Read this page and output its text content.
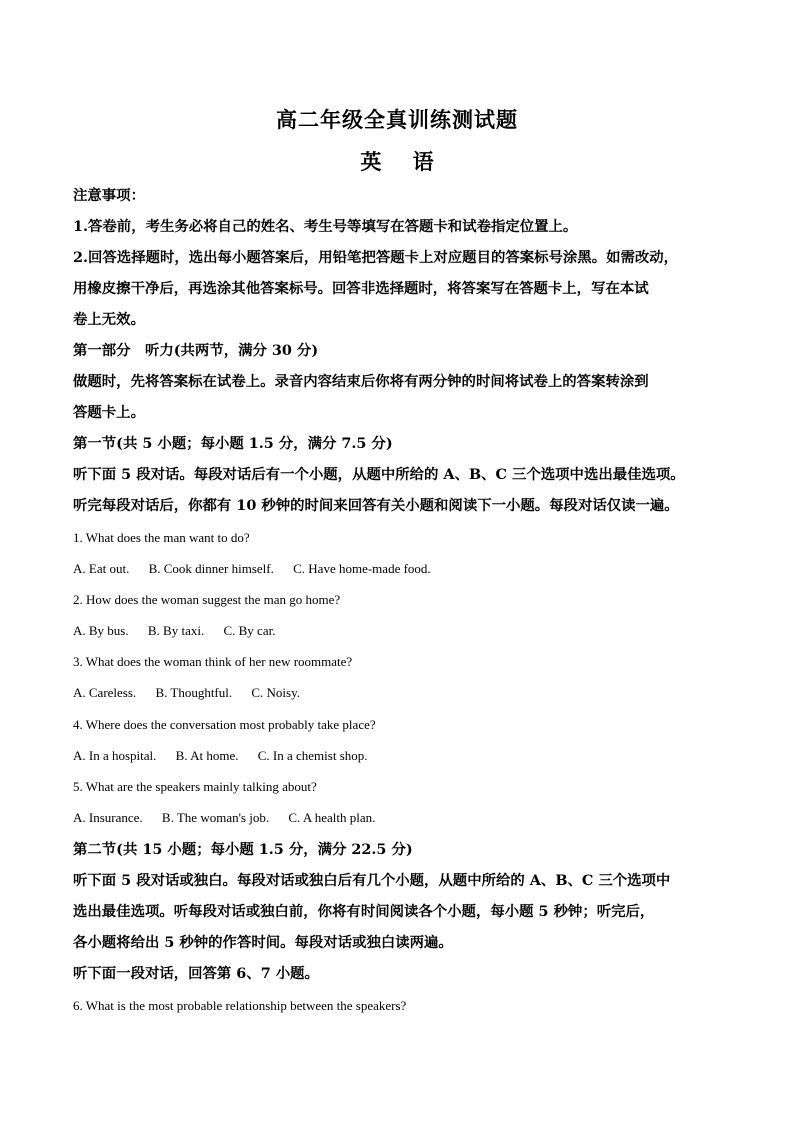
高二年级全真训练测试题
英 语
注意事项：
1.答卷前，考生务必将自己的姓名、考生号等填写在答题卡和试卷指定位置上。
2.回答选择题时，选出每小题答案后，用铅笔把答题卡上对应题目的答案标号涂黑。如需改动，
用橡皮擦干净后，再选涂其他答案标号。回答非选择题时，将答案写在答题卡上，写在本试
卷上无效。
第一部分　听力(共两节，满分 30 分)
做题时，先将答案标在试卷上。录音内容结束后你将有两分钟的时间将试卷上的答案转涂到
答题卡上。
第一节(共 5 小题；每小题 1.5 分，满分 7.5 分)
听下面 5 段对话。每段对话后有一个小题，从题中所给的 A、B、C 三个选项中选出最佳选项。
听完每段对话后，你都有 10 秒钟的时间来回答有关小题和阅读下一小题。每段对话仅读一遍。
1. What does the man want to do?
A. Eat out. B. Cook dinner himself. C. Have home-made food.
2. How does the woman suggest the man go home?
A. By bus. B. By taxi. C. By car.
3. What does the woman think of her new roommate?
A. Careless. B. Thoughtful. C. Noisy.
4. Where does the conversation most probably take place?
A. In a hospital. B. At home. C. In a chemist shop.
5. What are the speakers mainly talking about?
A. Insurance. B. The woman's job. C. A health plan.
第二节(共 15 小题；每小题 1.5 分，满分 22.5 分)
听下面 5 段对话或独白。每段对话或独白后有几个小题，从题中所给的 A、B、C 三个选项中
选出最佳选项。听每段对话或独白前，你将有时间阅读各个小题，每小题 5 秒钟；听完后，
各小题将给出 5 秒钟的作答时间。每段对话或独白读两遍。
听下面一段对话，回答第 6、7 小题。
6. What is the most probable relationship between the speakers?
